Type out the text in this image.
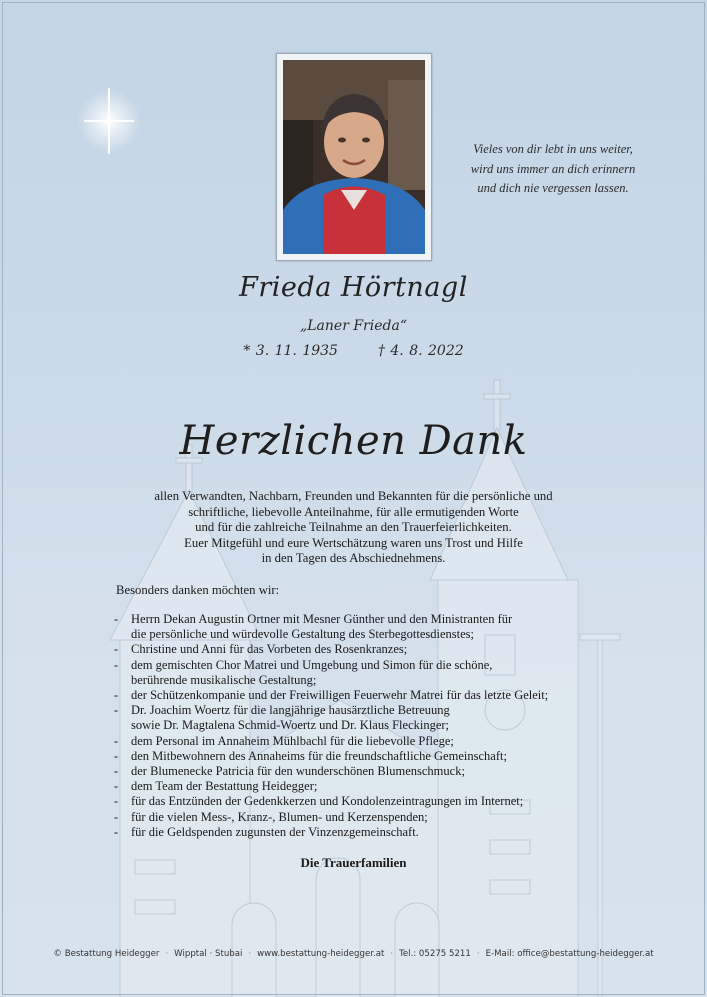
Vieles von dir lebt in uns weiter,
wird uns immer an dich erinnern
und dich nie vergessen lassen.
Frieda Hörtnagl
„Laner Frieda“
* 3. 11. 1935	† 4. 8. 2022
Herzlichen Dank
allen Verwandten, Nachbarn, Freunden und Bekannten für die persönliche und
schriftliche, liebevolle Anteilnahme, für alle ermutigenden Worte
und für die zahlreiche Teilnahme an den Trauerfeierlichkeiten.
Euer Mitgefühl und eure Wertschätzung waren uns Trost und Hilfe
in den Tagen des Abschiednehmens.
Besonders danken möchten wir:
- Herrn Dekan Augustin Ortner mit Mesner Günther und den Ministranten für
die persönliche und würdevolle Gestaltung des Sterbegottesdienstes;
- Christine und Anni für das Vorbeten des Rosenkranzes;
- dem gemischten Chor Matrei und Umgebung und Simon für die schöne,
berührende musikalische Gestaltung;
- der Schützenkompanie und der Freiwilligen Feuerwehr Matrei für das letzte Geleit;
- Dr. Joachim Woertz für die langjährige hausärztliche Betreuung
sowie Dr. Magtalena Schmid-Woertz und Dr. Klaus Fleckinger;
- dem Personal im Annaheim Mühlbachl für die liebevolle Pflege;
- den Mitbewohnern des Annaheims für die freundschaftliche Gemeinschaft;
- der Blumenecke Patricia für den wunderschönen Blumenschmuck;
- dem Team der Bestattung Heidegger;
- für das Entzünden der Gedenkkerzen und Kondolenzeintragungen im Internet;
- für die vielen Mess-, Kranz-, Blumen- und Kerzenspenden;
- für die Geldspenden zugunsten der Vinzenzgemeinschaft.
Die Trauerfamilien
© Bestattung Heidegger · Wipptal · Stubai · www.bestattung-heidegger.at · Tel.: 05275 5211 · E-Mail: office@bestattung-heidegger.at
